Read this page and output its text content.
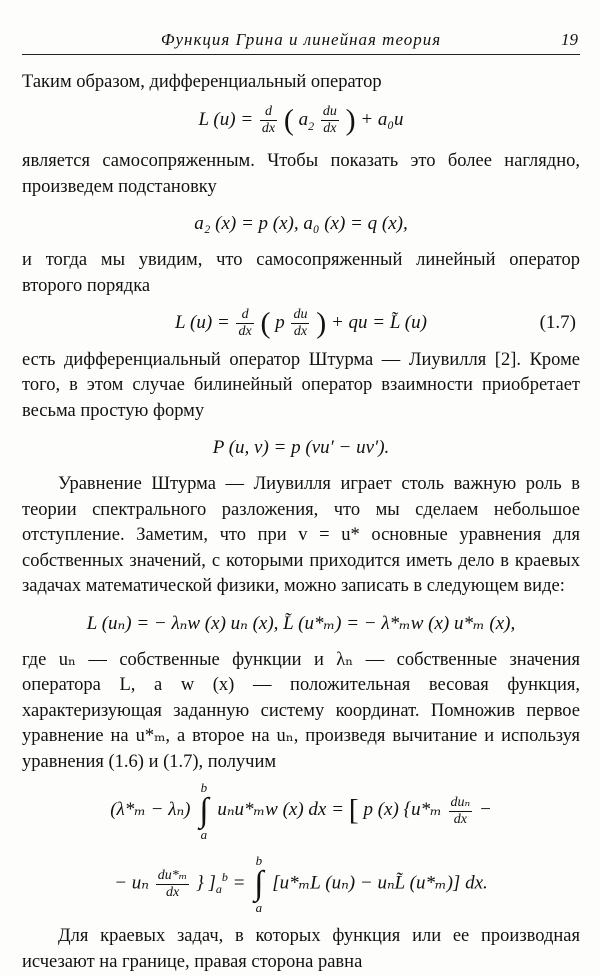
Функция Грина и линейная теория	19

Таким образом, дифференциальный оператор

L $(u) = \frac{d}{dx}$ ( $a_2 \frac{du}{dx}$ ) + a₀u

является самосопряженным. Чтобы показать это более наглядно, произведем подстановку

a₂ (x) = p (x), a₀ (x) = q (x),

и тогда мы увидим, что самосопряженный линейный оператор второго порядка

L $(u) = \frac{d}{dx}$ ( p $\frac{du}{dx}$ ) + qu = L̃ (u)	(1.7)

есть дифференциальный оператор Штурма — Лиувилля [2]. Кроме того, в этом случае билинейный оператор взаимности приобретает весьма простую форму

P (u, v) = p (vu′ − uv′).

Уравнение Штурма — Лиувилля играет столь важную роль в теории спектрального разложения, что мы сделаем небольшое отступление. Заметим, что при v = u* основные уравнения для собственных значений, с которыми приходится иметь дело в краевых задачах математической физики, можно записать в следующем виде:

L (uₙ) = − λₙw (x) uₙ (x), L̃ (u*ₘ) = − λ*ₘw (x) u*ₘ (x),

где uₙ — собственные функции и λₙ — собственные значения оператора L, а w (x) — положительная весовая функция, характеризующая заданную систему координат. Помножив первое уравнение на u*ₘ, а второе на uₙ, произведя вычитание и используя уравнения (1.6) и (1.7), получим

(λ*ₘ − λₙ) b
∫
a uₙu*ₘw (x) dx = [ p (x) {$u*_m \frac{\text{duₙ}}{dx}$ −
− uₙ $\frac{\text{du*ₘ}}{dx}$ } ]$_a^b = b$
∫
a [u*ₘL (uₙ) − uₙL̃ (u*ₘ)] dx.

Для краевых задач, в которых функция или ее производная исчезают на границе, правая сторона равна
